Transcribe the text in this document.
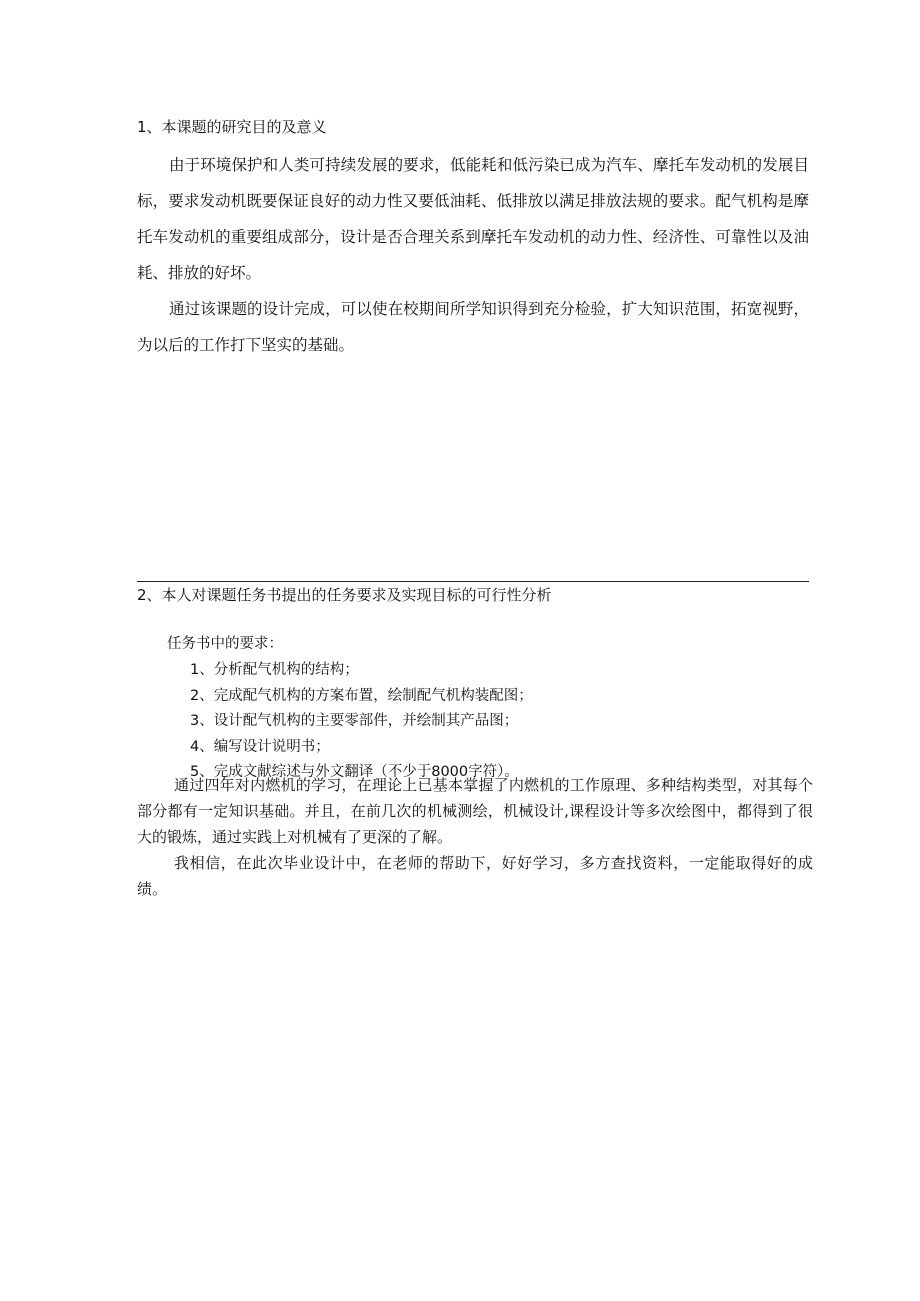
1、本课题的研究目的及意义

由于环境保护和人类可持续发展的要求，低能耗和低污染已成为汽车、摩托车发动机的发展目标，要求发动机既要保证良好的动力性又要低油耗、低排放以满足排放法规的要求。配气机构是摩托车发动机的重要组成部分，设计是否合理关系到摩托车发动机的动力性、经济性、可靠性以及油耗、排放的好坏。

通过该课题的设计完成，可以使在校期间所学知识得到充分检验，扩大知识范围，拓宽视野，为以后的工作打下坚实的基础。

2、本人对课题任务书提出的任务要求及实现目标的可行性分析
任务书中的要求：
1、分析配气机构的结构；
2、完成配气机构的方案布置，绘制配气机构装配图；
3、设计配气机构的主要零部件，并绘制其产品图；
4、编写设计说明书；
5、完成文献综述与外文翻译（不少于8000字符）。

通过四年对内燃机的学习，在理论上已基本掌握了内燃机的工作原理、多种结构类型，对其每个部分都有一定知识基础。并且，在前几次的机械测绘，机械设计,课程设计等多次绘图中，都得到了很大的锻炼，通过实践上对机械有了更深的了解。

我相信，在此次毕业设计中，在老师的帮助下，好好学习，多方查找资料，一定能取得好的成绩。
